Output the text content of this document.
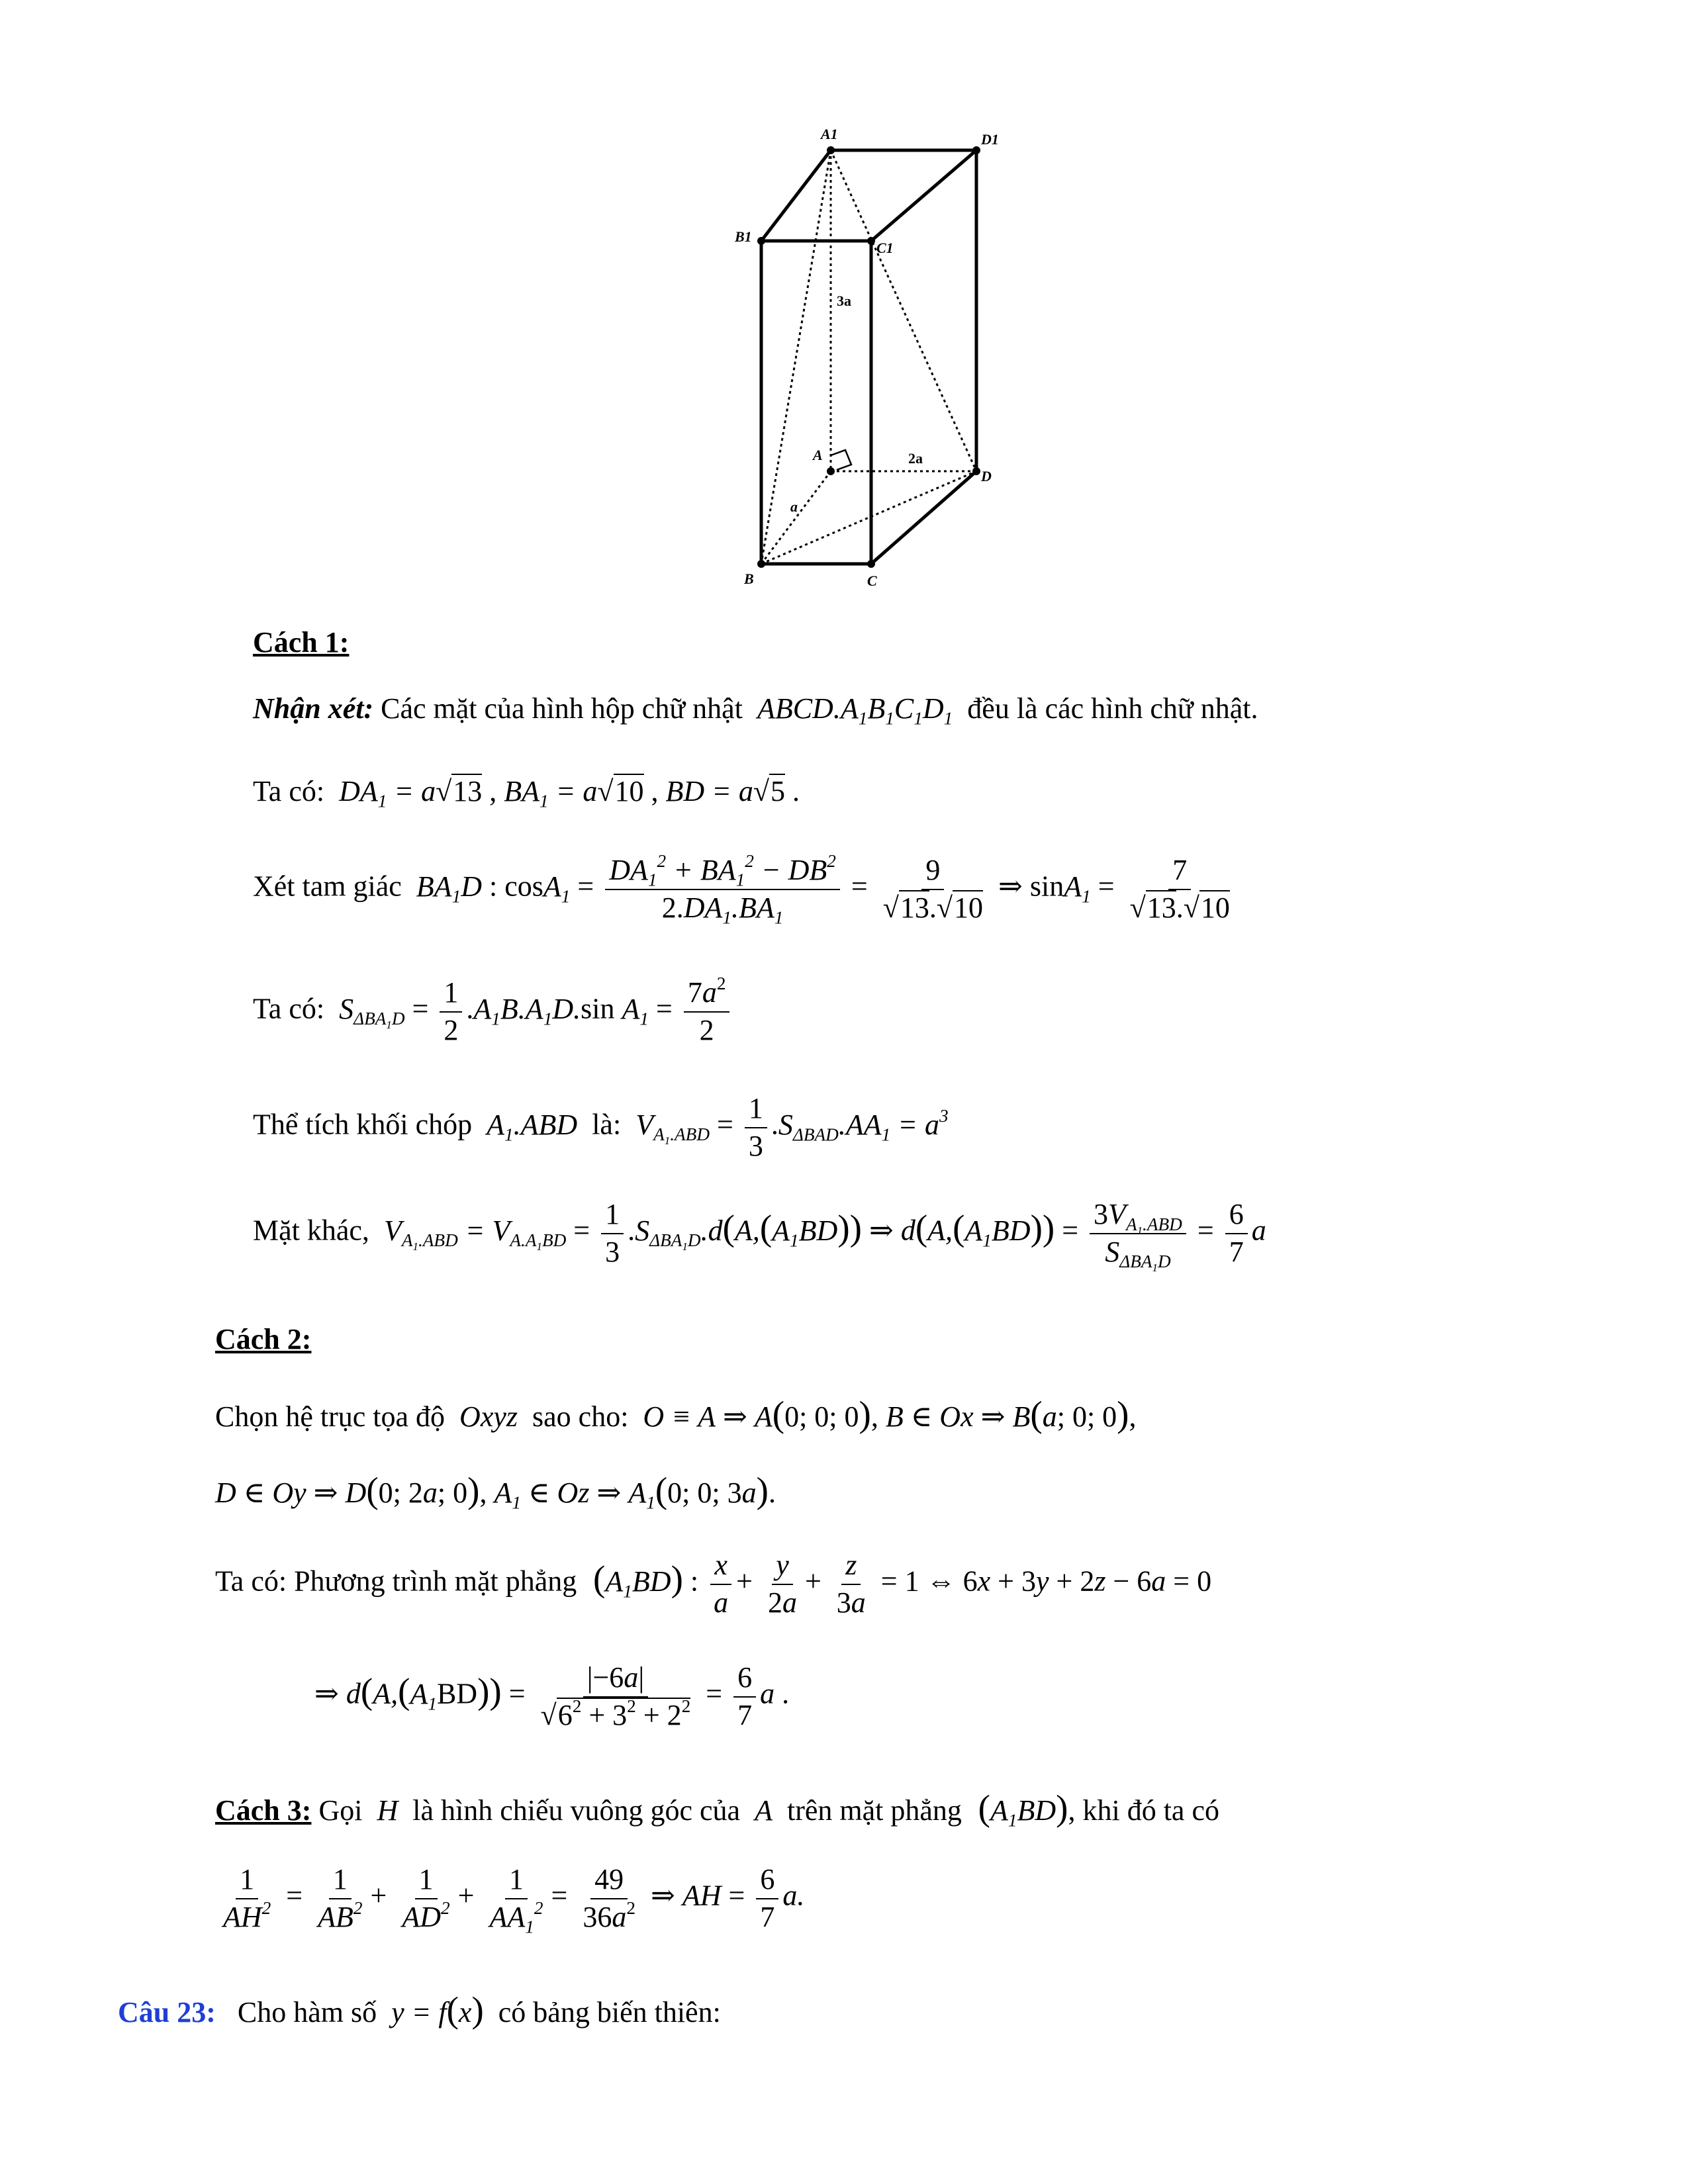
A1	D1
B1
C1
A
D
B	C
3a
2a
a
Cách 1:
Nhận xét: Các mặt của hình hộp chữ nhật  $ABCD.A_1B_1C_1D_1$ đều là các hình chữ nhật.
Ta có:  $DA_1 = a√13$ , $BA_1 = a√10$ , BD = a√5 .
Xét tam giác  $BA_1D$ : $\cos A_1 = \frac{DA_1^2 + BA_1^2 - DB^2}{2.DA_1.BA_1} = \frac{9}{√13.√10}$ ⇒ $\sin A_1 = \frac{7}{√13.√10}$
Ta có:  $S_{\Delta BA_1D} = \frac{1}{2} .A_1B.A_1D.\sin$ $A_1 = \frac{7a^2}{2}$
Thể tích khối chóp  $A_1.ABD$  là:  $V_{A_1.ABD} = \frac{1}{3} .S_{\Delta BAD}.AA_1 = a^3$
Mặt khác,  $V_{A_1.ABD} = V_{A.A_1BD} = \frac{1}{3} .S_{\Delta BA_1D}.d(A,(A_1BD))$ ⇒ $d(A,(A_1BD)) = \frac{3V_{A_1.ABD}}{S_{\Delta BA_1D}} = \frac{6}{7}$ a
Cách 2:
Chọn hệ trục tọa độ  Oxyz  sao cho:  O ≡ A ⇒ A(0; 0; 0), B ∈ Ox ⇒ B(a; 0; 0),
D ∈ Oy ⇒ D(0; 2a; 0), $A_1$ ∈ Oz ⇒ $A_1(0$; 0; 3a).
Ta có: Phương trình mặt phẳng  $(A_1BD)$ : $\frac{x}{a} + \frac{y}{2a} + \frac{z}{3a} = 1$ ⇔ 6x + 3y + 2z − 6a = 0
⇒ $d(A,(A_1BD)) = \frac{|-6a|}{√6^2 + 3^2 + 2^2} = \frac{6}{7}$ a .
Cách 3: Gọi  H  là hình chiếu vuông góc của  A  trên mặt phẳng  $(A_1BD)$, khi đó ta có
$\frac{1}{AH^2} = \frac{1}{AB^2} + \frac{1}{AD^2} + \frac{1}{AA_1^2} = \frac{49}{36a^2}$ ⇒ AH = $\frac{6}{7} a$.
Câu 23: Cho hàm số  y = f(x) có bảng biến thiên:
